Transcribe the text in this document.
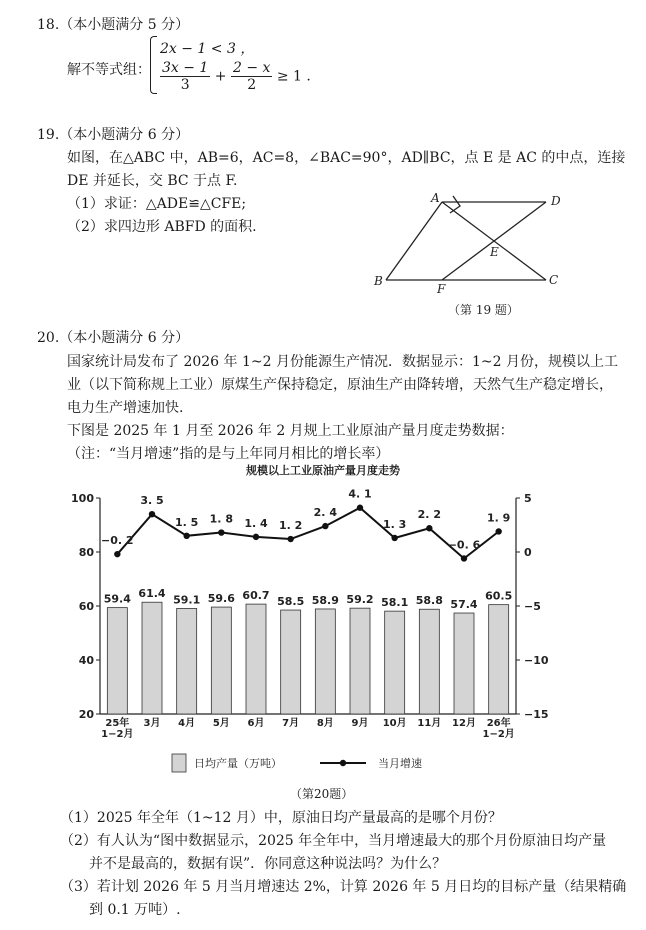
18.（本小题满分 5 分）
解不等式组：
2x − 1 < 3 ，
$\frac{3x - 1}{3} + \frac{2 - x}{2} \ge 1$ .
19.（本小题满分 6 分）
如图，在△ABC 中，AB=6，AC=8，∠BAC=90°，AD∥BC，点 E 是 AC 的中点，连接
DE 并延长，交 BC 于点 F.
（1）求证：△ADE≌△CFE;
（2）求四边形 ABFD 的面积.
A	D
E
B
F
C
（第 19 题）
20.（本小题满分 6 分）
国家统计局发布了 2026 年 1~2 月份能源生产情况．数据显示：1~2 月份，规模以上工
业（以下简称规上工业）原煤生产保持稳定，原油生产由降转增，天然气生产稳定增长，
电力生产增速加快.
下图是 2025 年 1 月至 2026 年 2 月规上工业原油产量月度走势数据：
（注：“当月增速”指的是与上年同月相比的增长率）
规模以上工业原油产量月度走势
20
40
60
80
100	5
0
−5
−10
−15
59.4 61.4 59.1 59.6 60.7 58.5 58.9 59.2 58.1 58.8 57.4
60.5
25年
1−2月
3月 4月 5月 6月 7月 8月 9月 10月 11月 12月 26年
1−2月
−0. 2
3. 5
1. 5 1. 8 1. 4 1. 2
2. 4
4. 1
1. 3
2. 2
−0. 6
1. 9
日均产量（万吨）	当月增速
（第20题）
（1）2025 年全年（1~12 月）中，原油日均产量最高的是哪个月份？
（2）有人认为“图中数据显示，2025 年全年中，当月增速最大的那个月份原油日均产量
并不是最高的，数据有误”．你同意这种说法吗？为什么？
（3）若计划 2026 年 5 月当月增速达 2%，计算 2026 年 5 月日均的目标产量（结果精确
到 0.1 万吨）.
